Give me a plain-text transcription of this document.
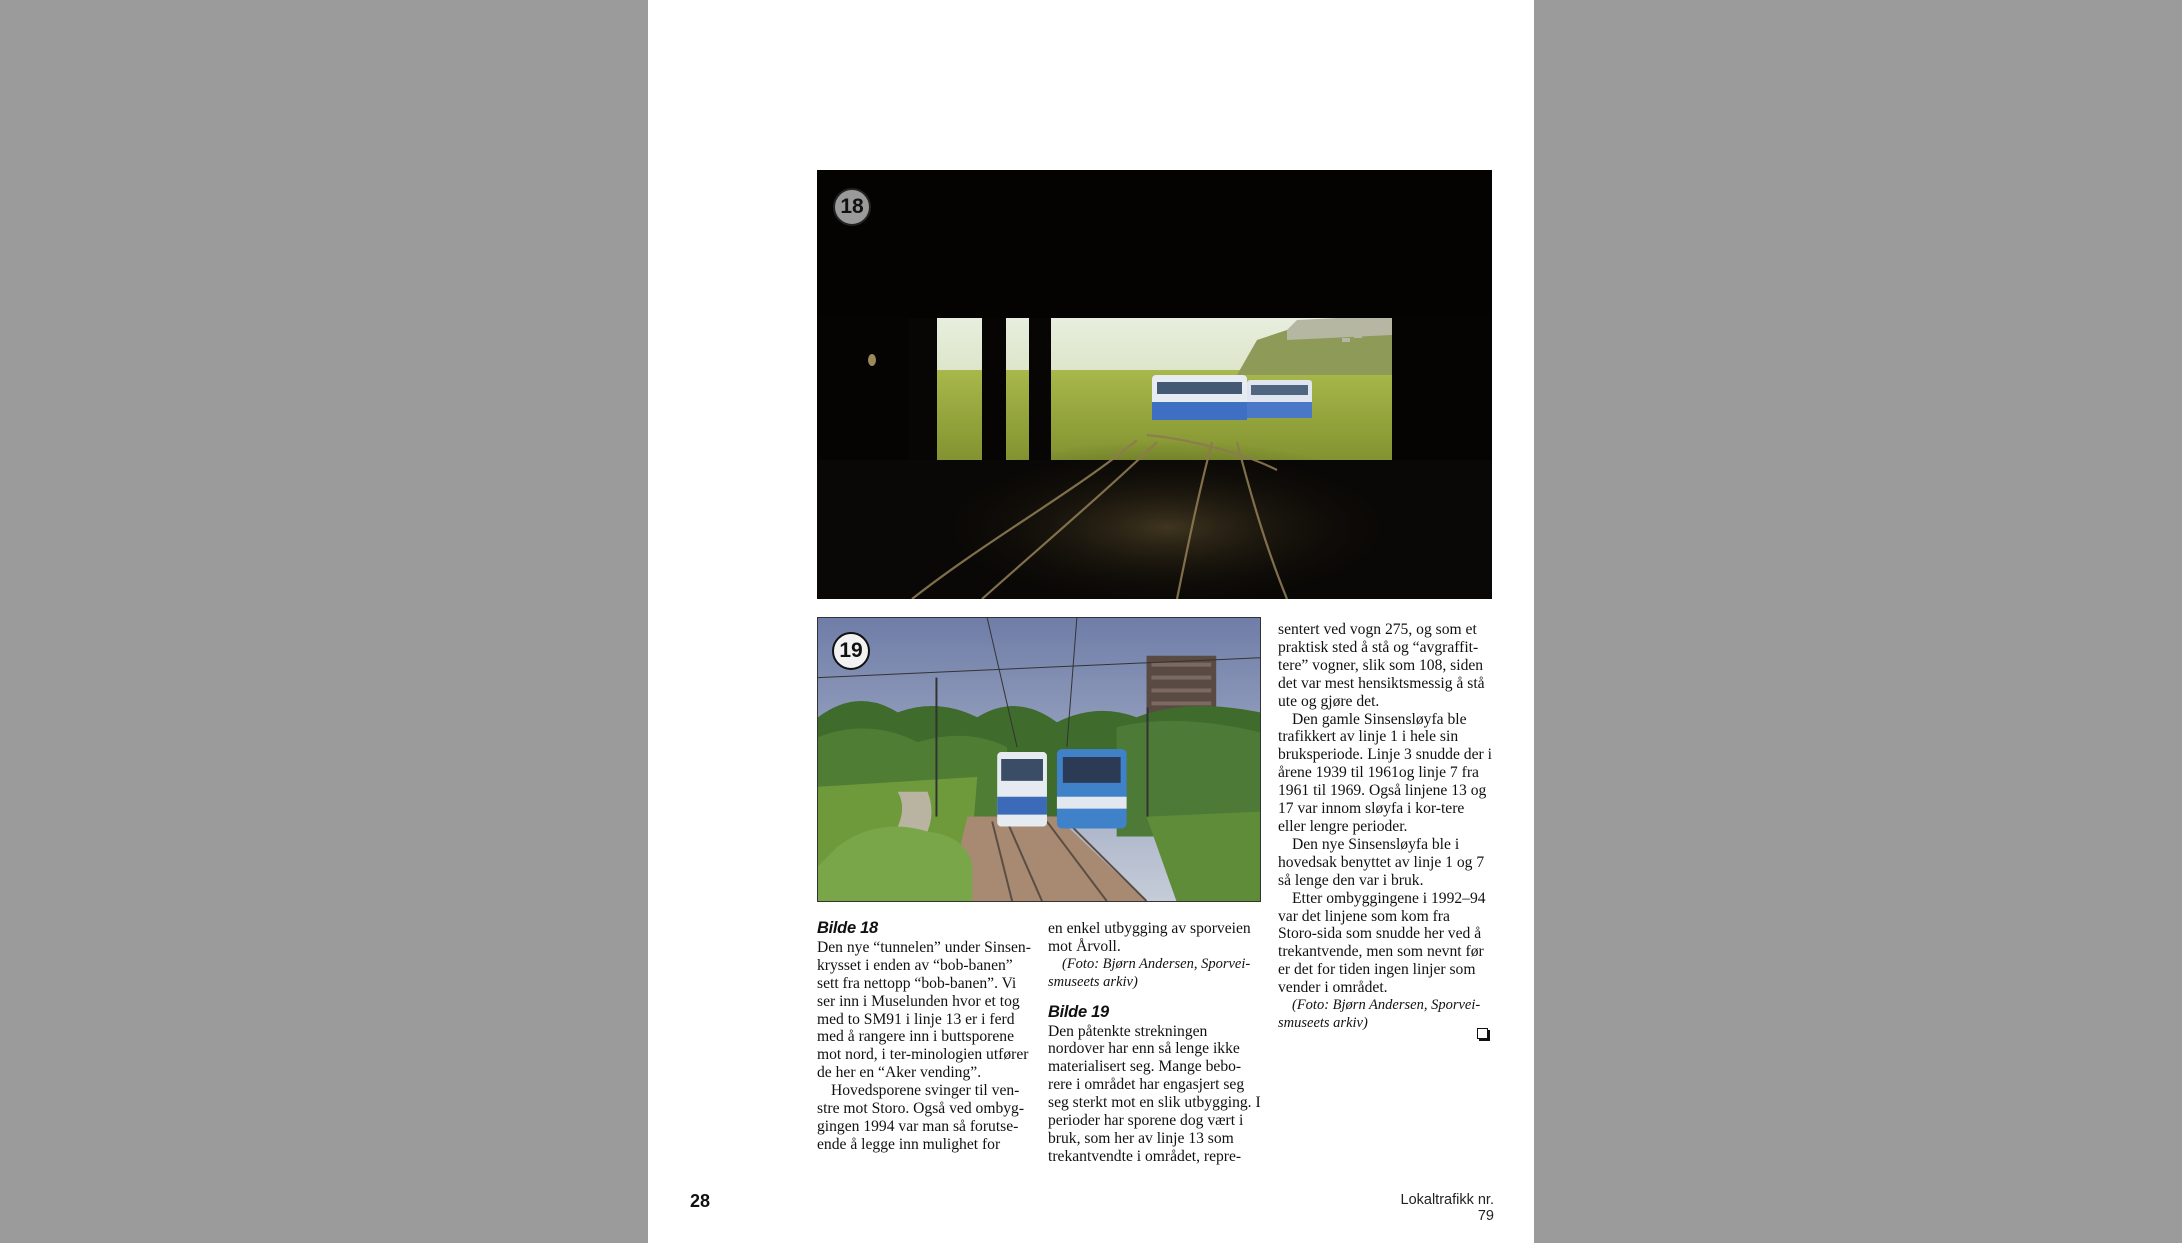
18
19
Bilde 18

Den nye “tunnelen” under Sinsen-krysset i enden av “bob-banen” sett fra nettopp “bob-banen”. Vi ser inn i Muselunden hvor et tog med to SM91 i linje 13 er i ferd med å rangere inn i buttsporene mot nord, i ter-minologien utfører de her en “Aker vending”.

Hovedsporene svinger til ven-stre mot Storo. Også ved ombyg-gingen 1994 var man så forutse-ende å legge inn mulighet for

en enkel utbygging av sporveien mot Årvoll.

(Foto: Bjørn Andersen, Sporvei-smuseets arkiv)

Bilde 19

Den påtenkte strekningen nordover har enn så lenge ikke materialisert seg. Mange bebo-rere i området har engasjert seg seg sterkt mot en slik utbygging. I perioder har sporene dog vært i bruk, som her av linje 13 som trekantvendte i området, repre-

sentert ved vogn 275, og som et praktisk sted å stå og “avgraffit-tere” vogner, slik som 108, siden det var mest hensiktsmessig å stå ute og gjøre det.

Den gamle Sinsensløyfa ble trafikkert av linje 1 i hele sin bruksperiode. Linje 3 snudde der i årene 1939 til 1961og linje 7 fra 1961 til 1969. Også linjene 13 og 17 var innom sløyfa i kor-tere eller lengre perioder.

Den nye Sinsensløyfa ble i hovedsak benyttet av linje 1 og 7 så lenge den var i bruk.

Etter ombyggingene i 1992–94 var det linjene som kom fra Storo-sida som snudde her ved å trekantvende, men som nevnt før er det for tiden ingen linjer som vender i området.

(Foto: Bjørn Andersen, Sporvei-smuseets arkiv)

28	Lokaltrafikk nr. 79
